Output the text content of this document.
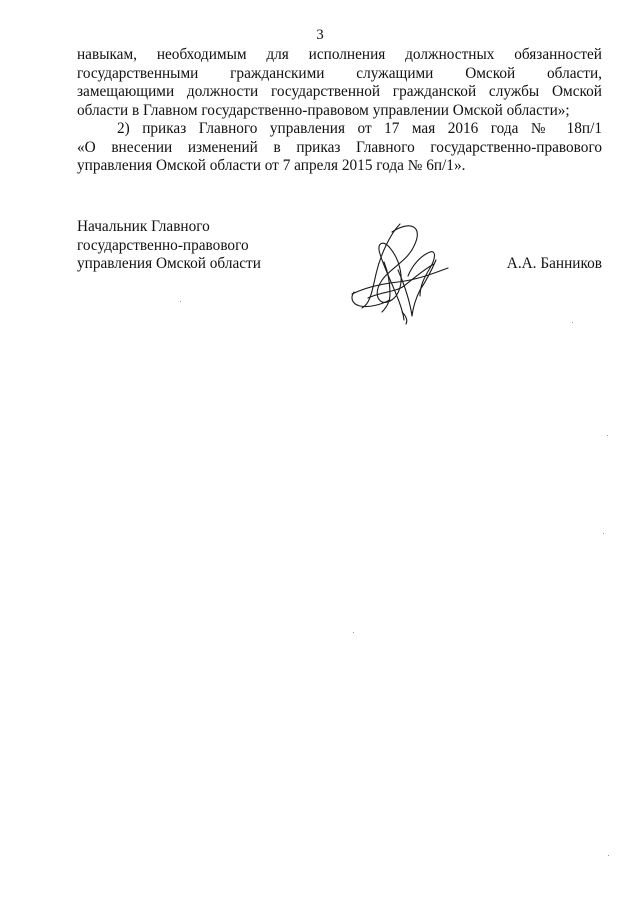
3
навыкам, необходимым для исполнения должностных обязанностей
государственными гражданскими служащими Омской области,
замещающими должности государственной гражданской службы Омской
области в Главном государственно-правовом управлении Омской области»;
2) приказ Главного управления от 17 мая 2016 года № 18п/1
«О внесении изменений в приказ Главного государственно-правового
управления Омской области от 7 апреля 2015 года № 6п/1».
Начальник Главного
государственно-правового
управления Омской области	А.А. Банников
